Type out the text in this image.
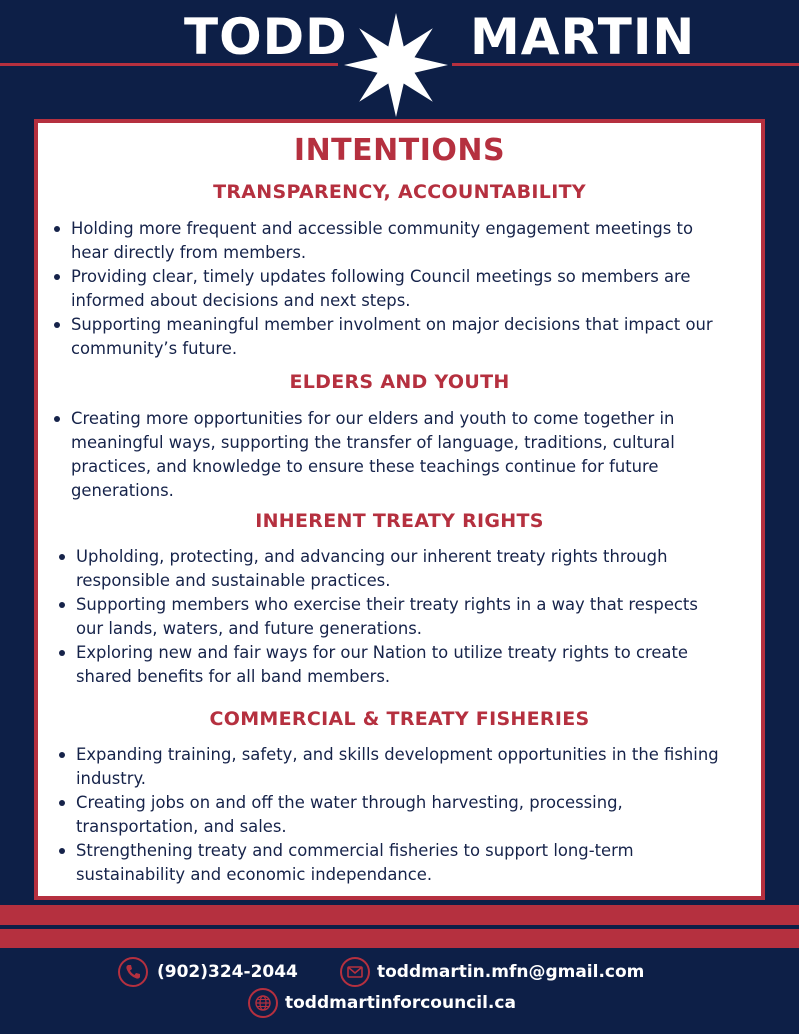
TODD MARTIN
INTENTIONS
TRANSPARENCY, ACCOUNTABILITY
Holding more frequent and accessible community engagement meetings to hear directly from members.
Providing clear, timely updates following Council meetings so members are informed about decisions and next steps.
Supporting meaningful member involment on major decisions that impact our community’s future.
ELDERS AND YOUTH
Creating more opportunities for our elders and youth to come together in meaningful ways, supporting the transfer of language, traditions, cultural practices, and knowledge to ensure these teachings continue for future generations.
INHERENT TREATY RIGHTS
Upholding, protecting, and advancing our inherent treaty rights through responsible and sustainable practices.
Supporting members who exercise their treaty rights in a way that respects our lands, waters, and future generations.
Exploring new and fair ways for our Nation to utilize treaty rights to create shared benefits for all band members.
COMMERCIAL & TREATY FISHERIES
Expanding training, safety, and skills development opportunities in the fishing industry.
Creating jobs on and off the water through harvesting, processing, transportation, and sales.
Strengthening treaty and commercial fisheries to support long-term sustainability and economic independance.
(902)324-2044	toddmartin.mfn@gmail.com
toddmartinforcouncil.ca
